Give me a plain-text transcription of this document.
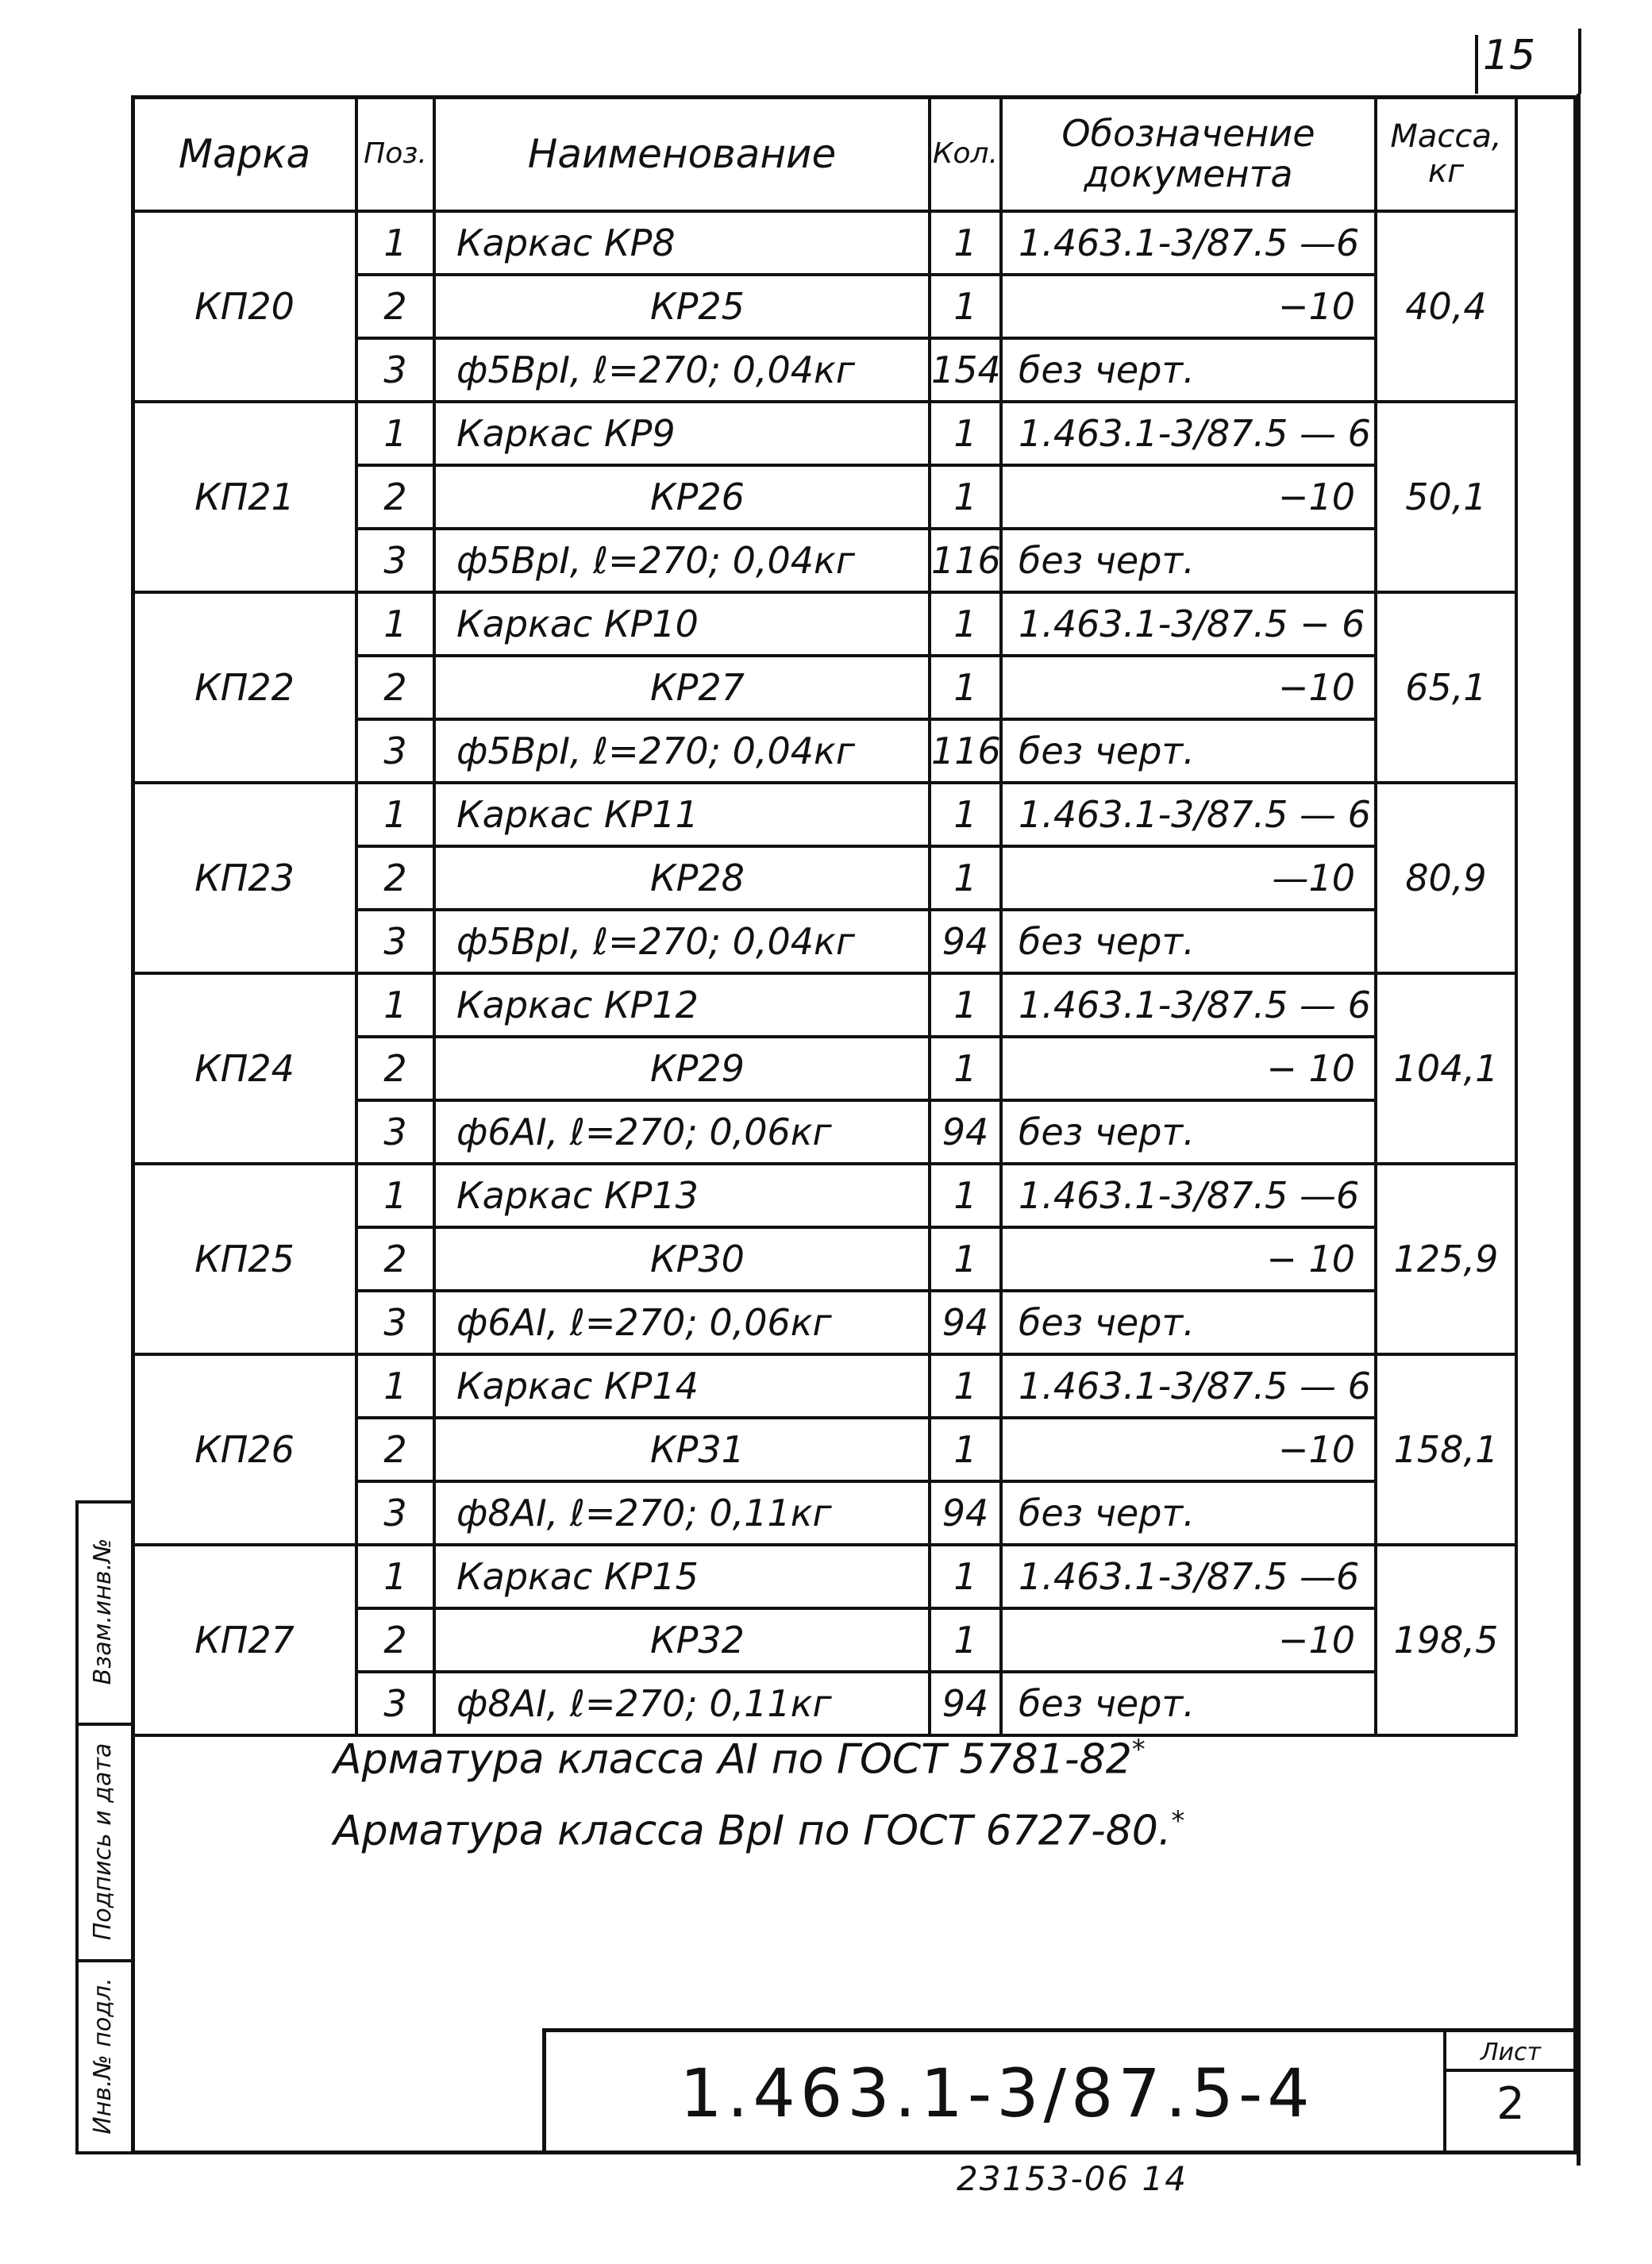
15
Марка	Поз.	Наименование	Кол.	Обозначение документа	Масса, кг
КП20	1	Каркас КР8	1	1.463.1-3/87.5 —6	40,4
	2	КР25	1	−10	
	3	ф5ВрI, ℓ=270; 0,04кг	154	без черт.	
КП21	1	Каркас КР9	1	1.463.1-3/87.5 — 6	50,1
	2	КР26	1	−10	
	3	ф5ВрI, ℓ=270; 0,04кг	116	без черт.	
КП22	1	Каркас КР10	1	1.463.1-3/87.5 − 6	65,1
	2	КР27	1	−10	
	3	ф5ВрI, ℓ=270; 0,04кг	116	без черт.	
КП23	1	Каркас КР11	1	1.463.1-3/87.5 — 6	80,9
	2	КР28	1	—10	
	3	ф5ВрI, ℓ=270; 0,04кг	94	без черт.	
КП24	1	Каркас КР12	1	1.463.1-3/87.5 — 6	104,1
	2	КР29	1	− 10	
	3	ф6АI, ℓ=270; 0,06кг	94	без черт.	
КП25	1	Каркас КР13	1	1.463.1-3/87.5 —6	125,9
	2	КР30	1	− 10	
	3	ф6АI, ℓ=270; 0,06кг	94	без черт.	
КП26	1	Каркас КР14	1	1.463.1-3/87.5 — 6	158,1
	2	КР31	1	−10	
	3	ф8АI, ℓ=270; 0,11кг	94	без черт.	
КП27	1	Каркас КР15	1	1.463.1-3/87.5 —6	198,5
	2	КР32	1	−10	
	3	ф8АI, ℓ=270; 0,11кг	94	без черт.	
Арматура класса АI по ГОСТ 5781-82*
Арматура класса ВрI по ГОСТ 6727-80.*
1.463.1-3/87.5-4
Лист
2
Взам.инв.№
Подпись и дата
Инв.№ подл.
23153-06 14
